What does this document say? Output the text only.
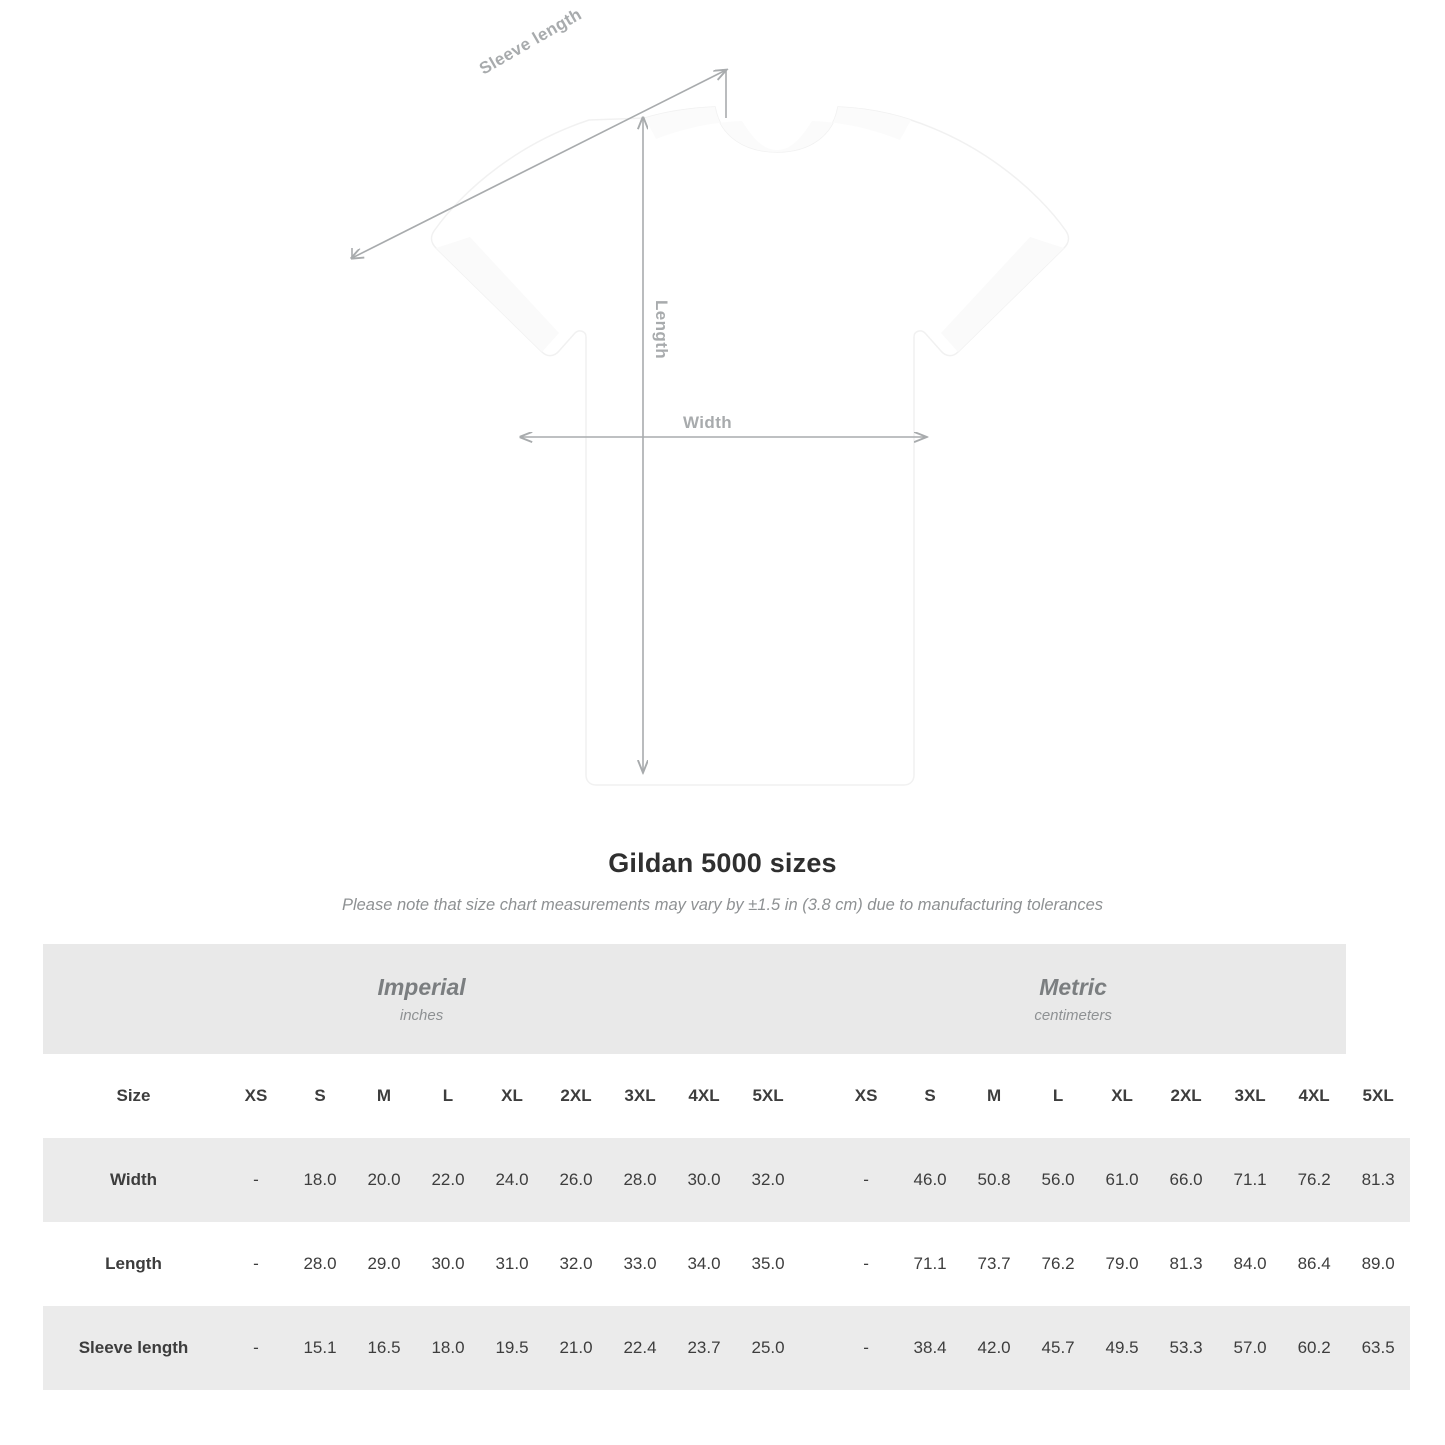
Sleeve length
Length
Width
Gildan 5000 sizes
Please note that size chart measurements may vary by ±1.5 in (3.8 cm) due to manufacturing tolerances
Imperial
inches

Metric
centimeters

Size	XS	S	M	L	XL	2XL	3XL	4XL	5XL		XS	S	M	L	XL	2XL	3XL	4XL	5XL
Width	-	18.0	20.0	22.0	24.0	26.0	28.0	30.0	32.0		-	46.0	50.8	56.0	61.0	66.0	71.1	76.2	81.3
Length	-	28.0	29.0	30.0	31.0	32.0	33.0	34.0	35.0		-	71.1	73.7	76.2	79.0	81.3	84.0	86.4	89.0
Sleeve length	-	15.1	16.5	18.0	19.5	21.0	22.4	23.7	25.0		-	38.4	42.0	45.7	49.5	53.3	57.0	60.2	63.5
